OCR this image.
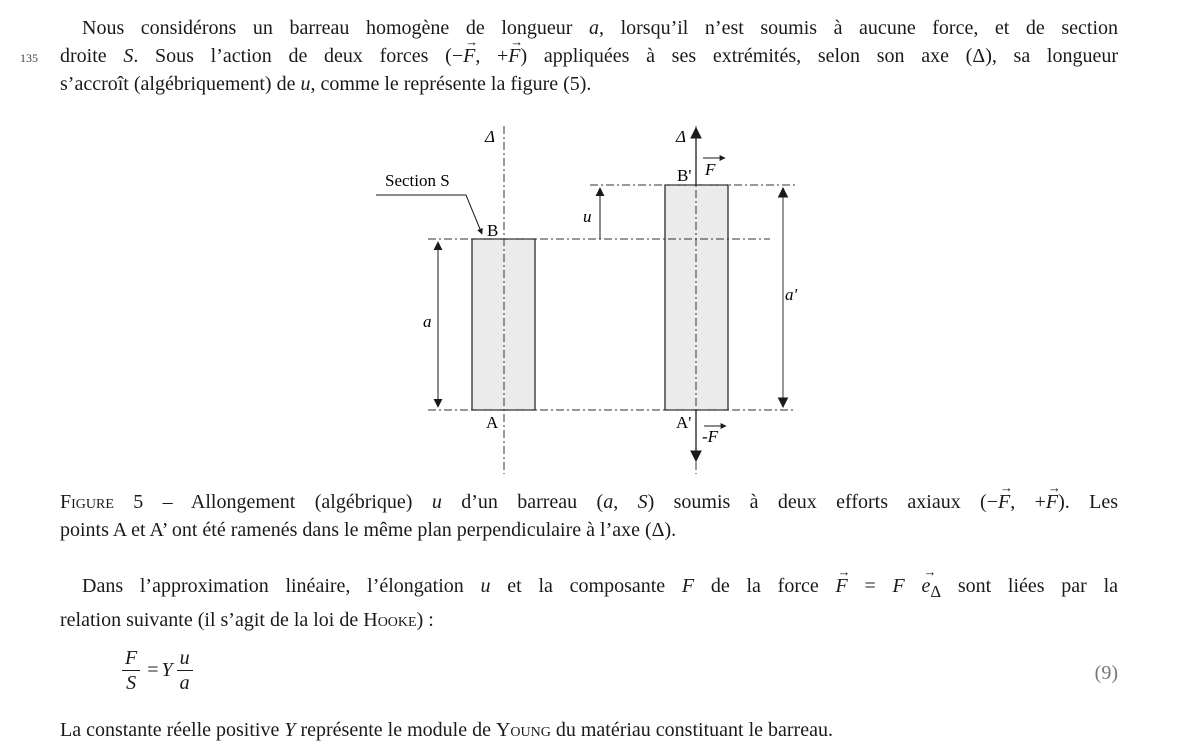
135
Nous considérons un barreau homogène de longueur a, lorsqu’il n’est soumis à aucune force, et de section
droite S. Sous l’action de deux forces (−→ F, +→ F) appliquées à ses extrémités, selon son axe (Δ), sa longueur
s’accroît (algébriquement) de u, comme le représente la figure (5).
Δ	Δ
Section S
B
B'
A	A'
a
a'
u
F
-F
Figure 5 – Allongement (algébrique) u d’un barreau (a, S) soumis à deux efforts axiaux (−→ F, +→ F). Les
points A et A’ ont été ramenés dans le même plan perpendiculaire à l’axe (Δ).
Dans l’approximation linéaire, l’élongation u et la composante F de la force → $F = F \to e_\Delta$ sont liées par la
relation suivante (il s’agit de la loi de Hooke) :
$\frac{F}{S} = Y \frac{u}{a}$	(9)
La constante réelle positive Y représente le module de Young du matériau constituant le barreau.
